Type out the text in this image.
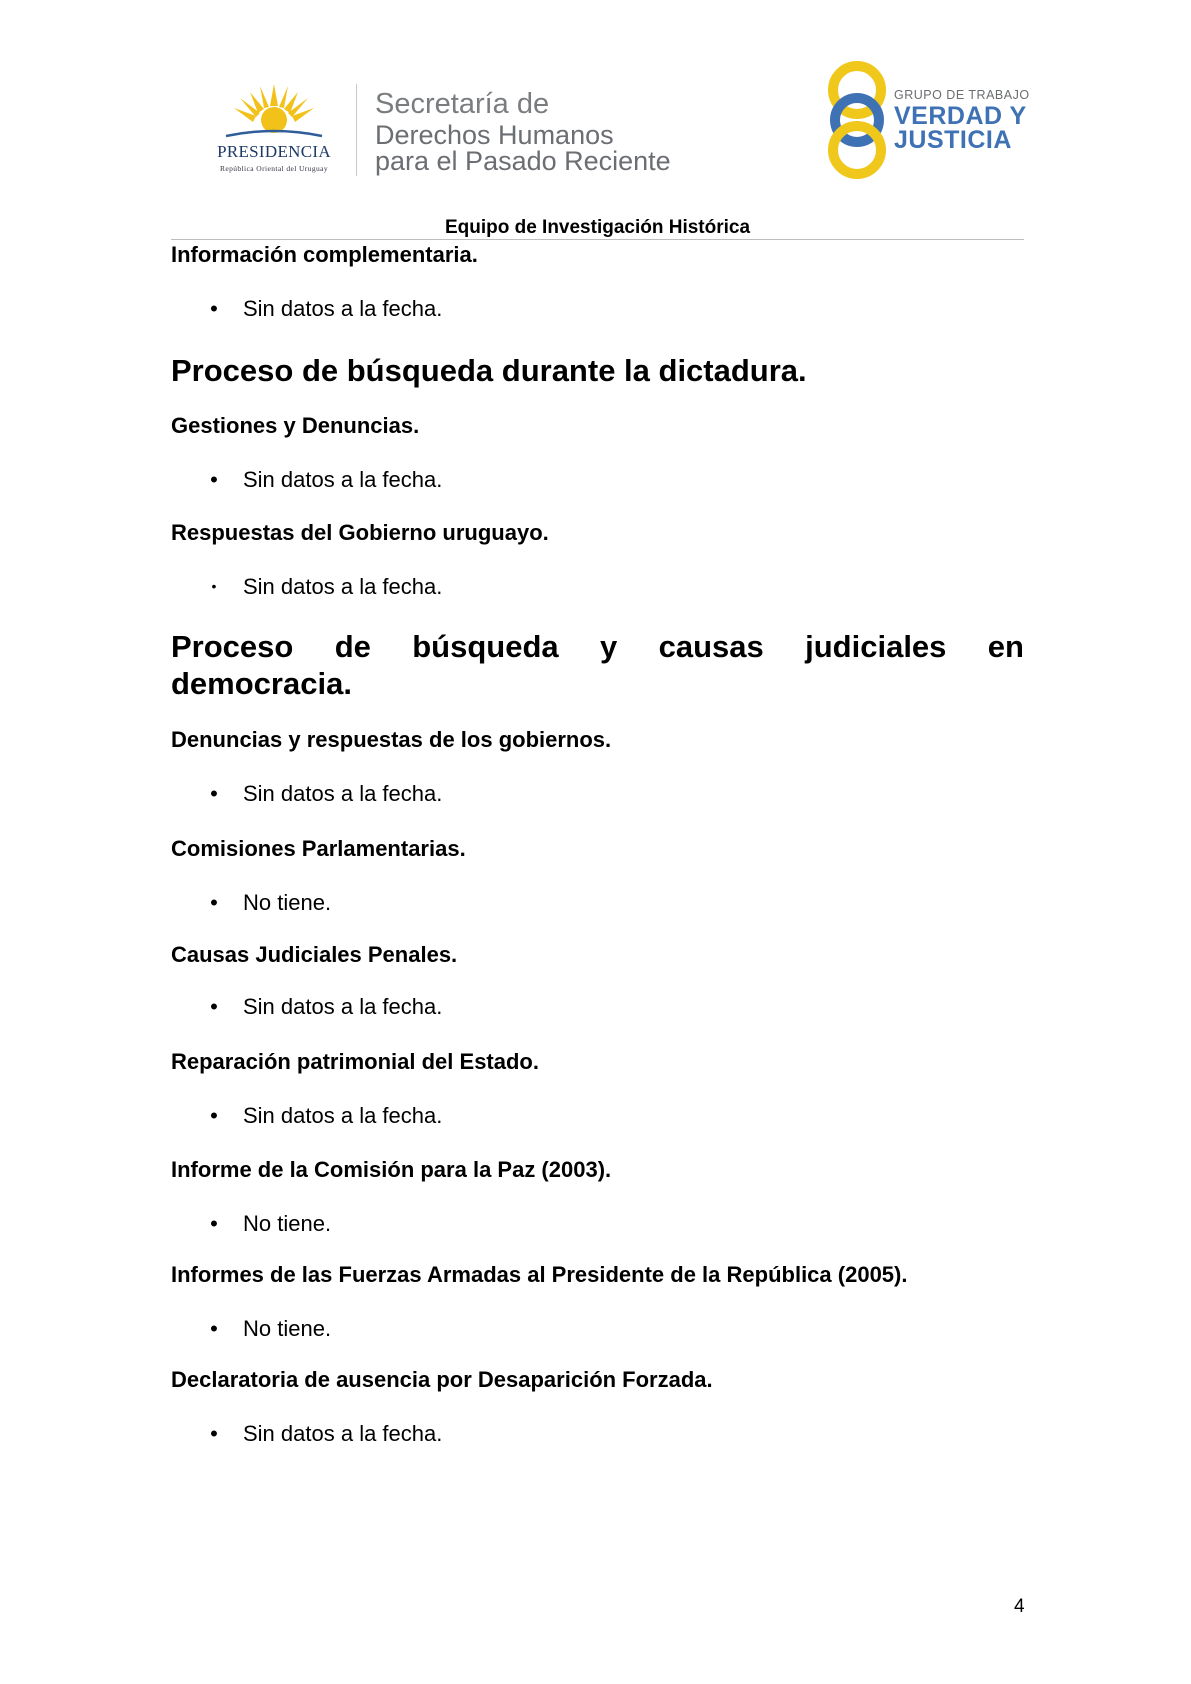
PRESIDENCIA
República Oriental del Uruguay
Secretaría de
Derechos Humanos
para el Pasado Reciente
GRUPO DE TRABAJO
VERDAD Y
JUSTICIA
Equipo de Investigación Histórica
Información complementaria.
• Sin datos a la fecha.
Proceso de búsqueda durante la dictadura.
Gestiones y Denuncias.
• Sin datos a la fecha.
Respuestas del Gobierno uruguayo.
• Sin datos a la fecha.
Proceso de búsqueda y causas judiciales en
democracia.
Denuncias y respuestas de los gobiernos.
• Sin datos a la fecha.
Comisiones Parlamentarias.
• No tiene.
Causas Judiciales Penales.
• Sin datos a la fecha.
Reparación patrimonial del Estado.
• Sin datos a la fecha.
Informe de la Comisión para la Paz (2003).
• No tiene.
Informes de las Fuerzas Armadas al Presidente de la República (2005).
• No tiene.
Declaratoria de ausencia por Desaparición Forzada.
• Sin datos a la fecha.
4
